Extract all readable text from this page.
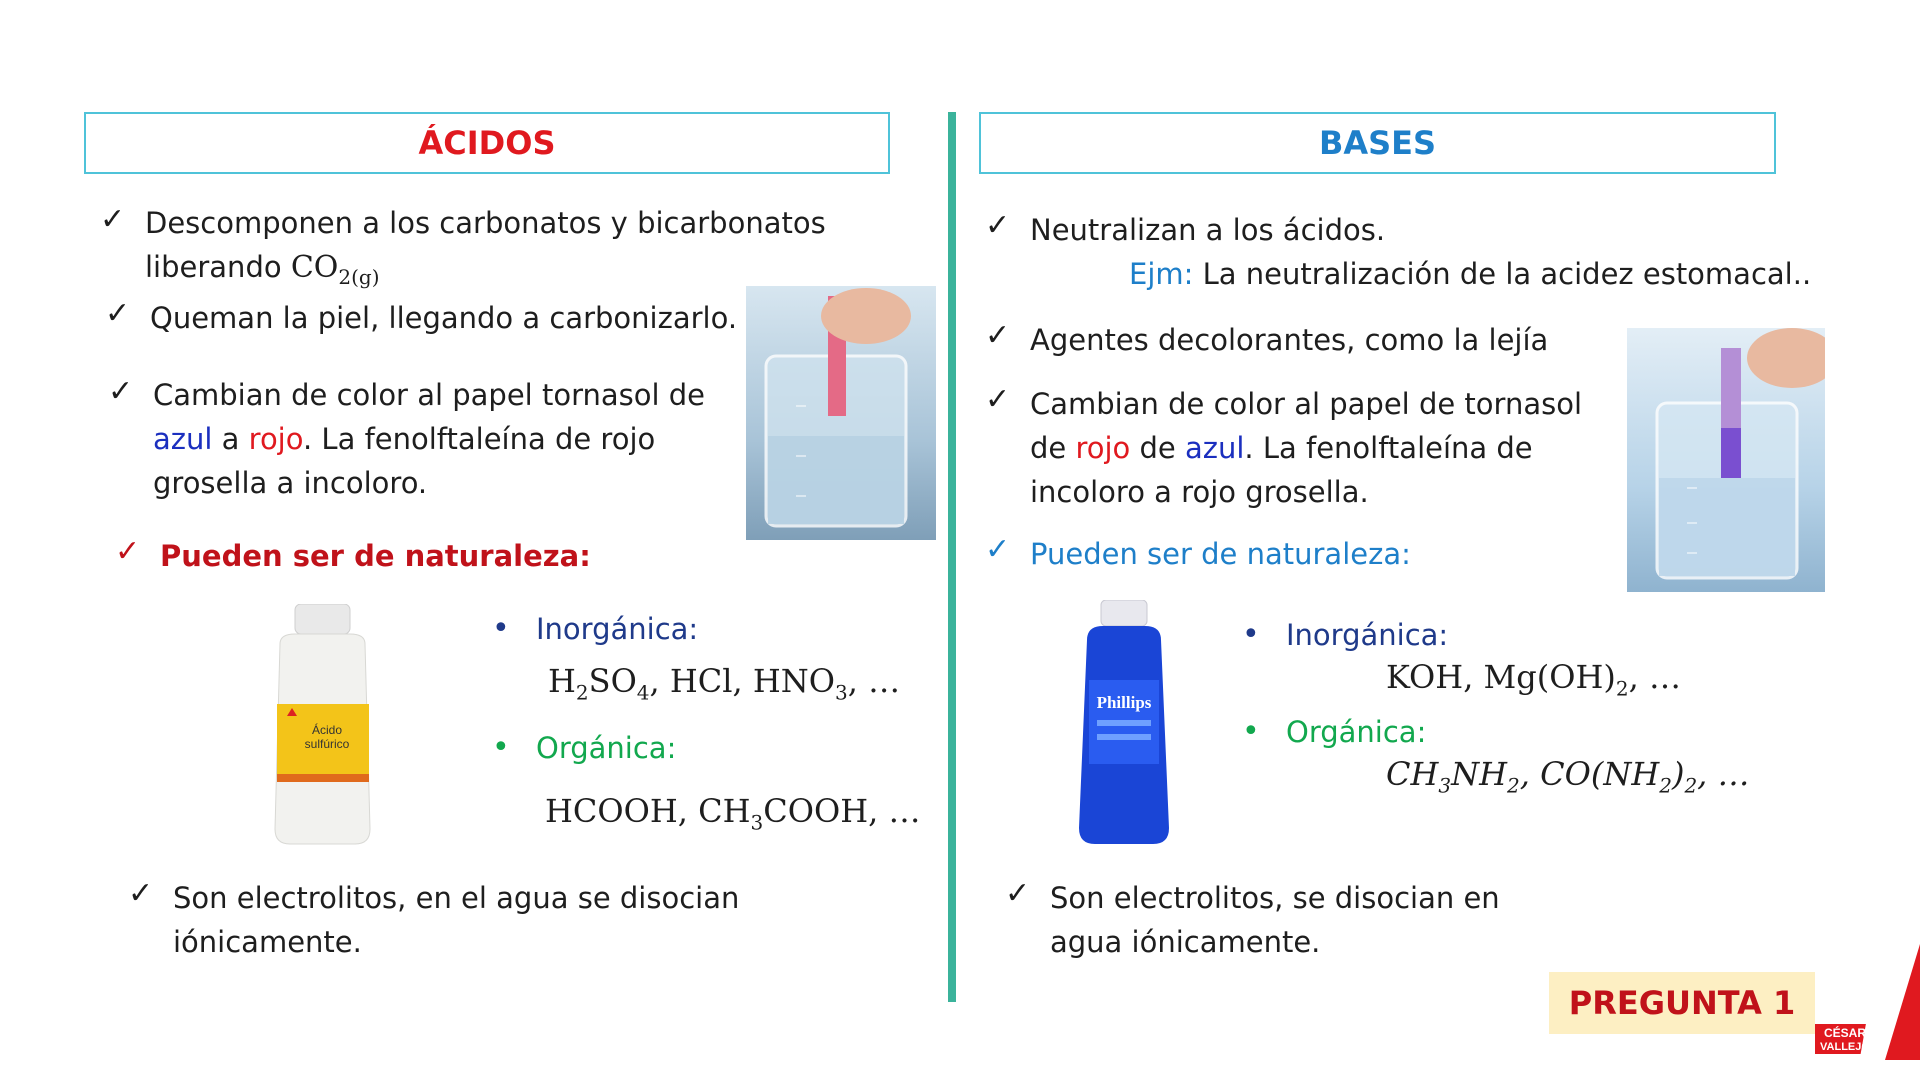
ÁCIDOS	BASES
✓ Descomponen a los carbonatos y bicarbonatos
liberando $CO_{2(g)}$
✓ Queman la piel, llegando a carbonizarlo.
✓ Cambian de color al papel tornasol de
azul a rojo. La fenolftaleína de rojo
grosella a incoloro.
✓ Pueden ser de naturaleza:
Ácido
sulfúrico
• Inorgánica:
$H_2SO_4$, HCl, $HNO_3$, …
• Orgánica:
HCOOH, $CH_3COOH$, …
✓ Son electrolitos, en el agua se disocian
iónicamente.
✓ Neutralizan a los ácidos.
Ejm: La neutralización de la acidez estomacal..
✓ Agentes decolorantes, como la lejía
✓ Cambian de color al papel de tornasol
de rojo de azul. La fenolftaleína de
incoloro a rojo grosella.
✓ Pueden ser de naturaleza:
Phillips
• Inorgánica:
KOH, $Mg(OH)_2$, …
• Orgánica:
$CH_3NH_2$, $CO(NH_2)_2$, …
✓ Son electrolitos, se disocian en
agua iónicamente.
PREGUNTA 1
CÉSAR
VALLEJO
